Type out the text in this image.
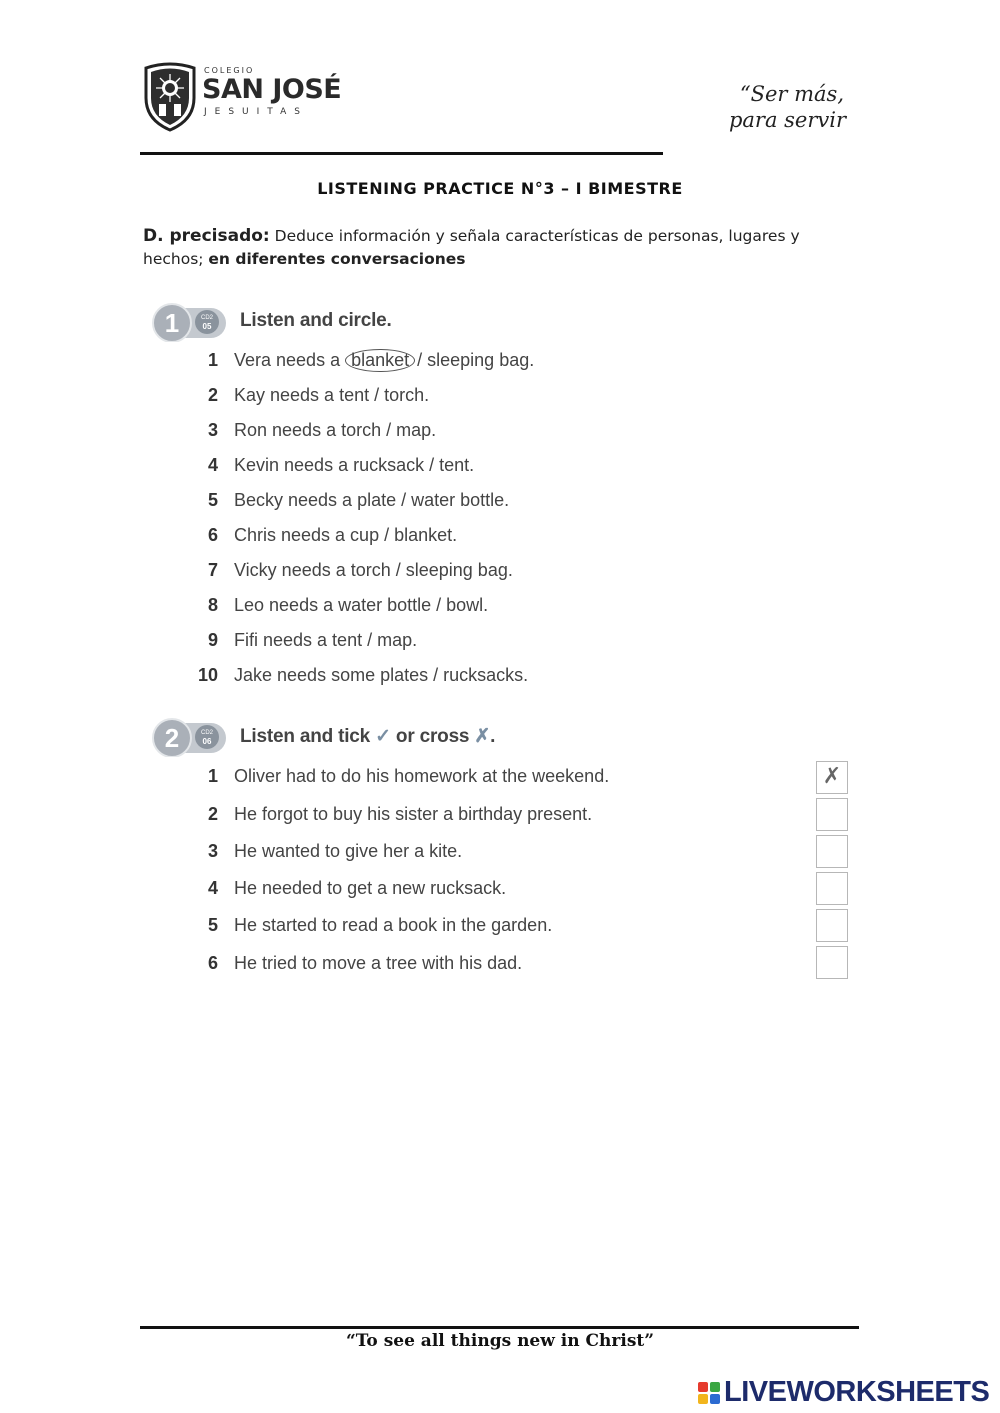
COLEGIO
SAN JOSÉ
JESUITAS
“Ser más,
para servir
LISTENING PRACTICE N°3 – I BIMESTRE
D. precisado: Deduce información y señala características de personas, lugares y hechos; en diferentes conversaciones
1	CD2
05 Listen and circle.
1 Vera needs a blanket / sleeping bag.
2 Kay needs a tent / torch.
3 Ron needs a torch / map.
4 Kevin needs a rucksack / tent.
5 Becky needs a plate / water bottle.
6 Chris needs a cup / blanket.
7 Vicky needs a torch / sleeping bag.
8 Leo needs a water bottle / bowl.
9 Fifi needs a tent / map.
10 Jake needs some plates / rucksacks.
2	CD2
06 Listen and tick ✓ or cross ✗.
1 Oliver had to do his homework at the weekend.	✗
2 He forgot to buy his sister a birthday present.
3 He wanted to give her a kite.
4 He needed to get a new rucksack.
5 He started to read a book in the garden.
6 He tried to move a tree with his dad.
“To see all things new in Christ”
LIVEWORKSHEETS
